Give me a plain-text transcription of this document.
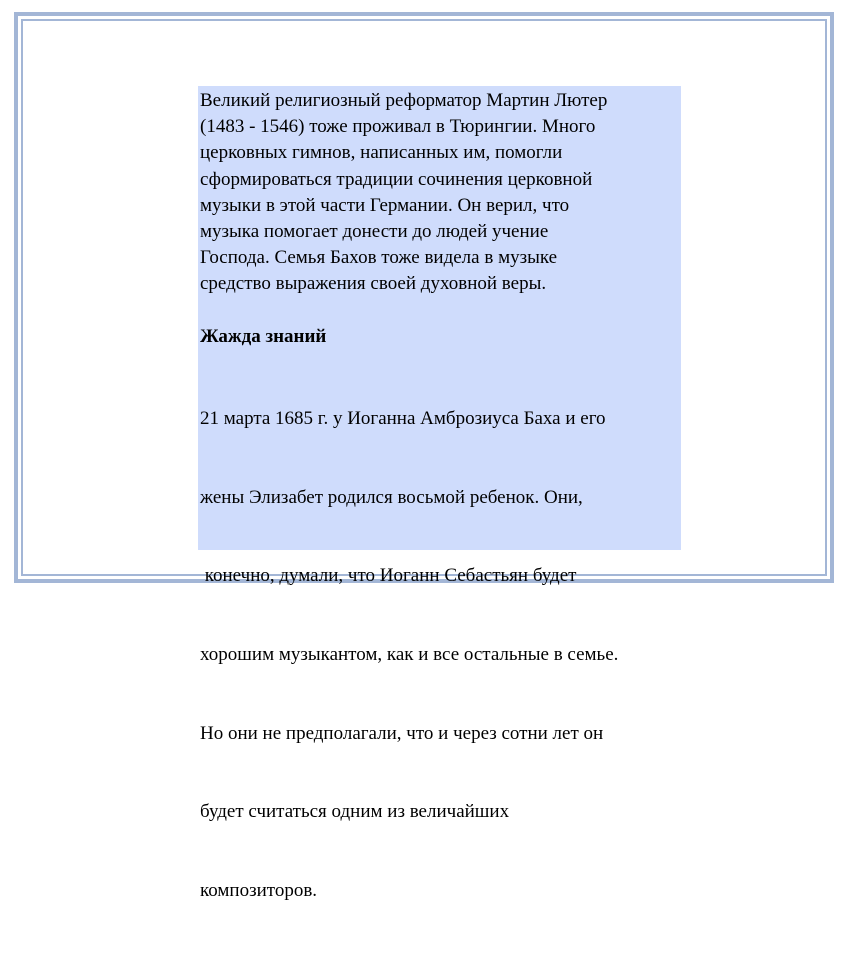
Великий религиозный реформатор Мартин Лютер
(1483 - 1546) тоже проживал в Тюрингии. Много
церковных гимнов, написанных им, помогли
сформироваться традиции сочинения церковной
музыки в этой части Германии. Он верил, что
музыка помогает донести до людей учение
Господа. Семья Бахов тоже видела в музыке
средство выражения своей духовной веры.
Жажда знаний

21 марта 1685 г. у Иоганна Амброзиуса Баха и его

жены Элизабет родился восьмой ребенок. Они,

конечно, думали, что Иоганн Себастьян будет

хорошим музыкантом, как и все остальные в семье.

Но они не предполагали, что и через сотни лет он

будет считаться одним из величайших

композиторов.
